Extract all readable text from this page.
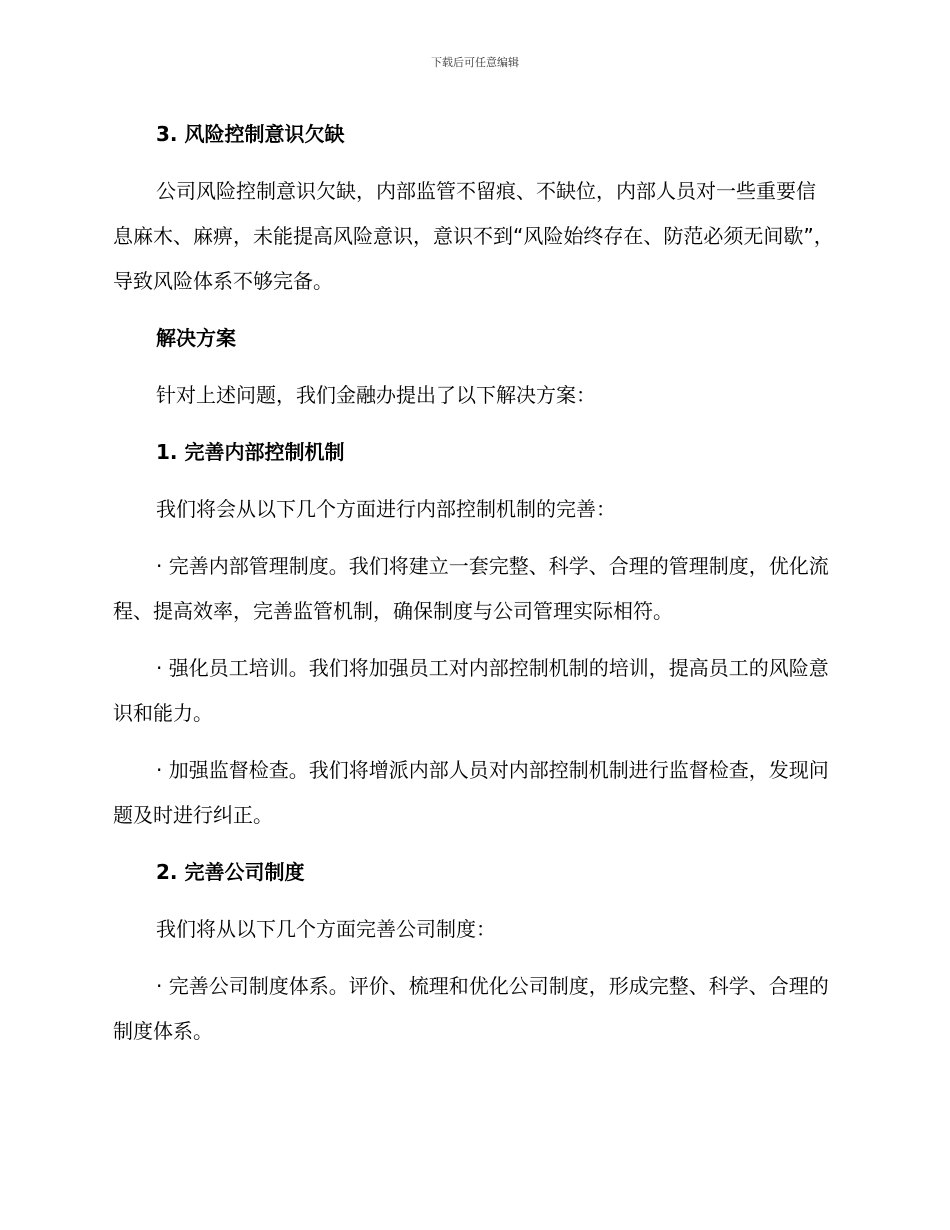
下载后可任意编辑

3. 风险控制意识欠缺

公司风险控制意识欠缺，内部监管不留痕、不缺位，内部人员对一些重要信息麻木、麻痹，未能提高风险意识，意识不到“风险始终存在、防范必须无间歇”，导致风险体系不够完备。

解决方案

针对上述问题，我们金融办提出了以下解决方案：

1. 完善内部控制机制

我们将会从以下几个方面进行内部控制机制的完善：

· 完善内部管理制度。我们将建立一套完整、科学、合理的管理制度，优化流程、提高效率，完善监管机制，确保制度与公司管理实际相符。

· 强化员工培训。我们将加强员工对内部控制机制的培训，提高员工的风险意识和能力。

· 加强监督检查。我们将增派内部人员对内部控制机制进行监督检查，发现问题及时进行纠正。

2. 完善公司制度

我们将从以下几个方面完善公司制度：

· 完善公司制度体系。评价、梳理和优化公司制度，形成完整、科学、合理的制度体系。
